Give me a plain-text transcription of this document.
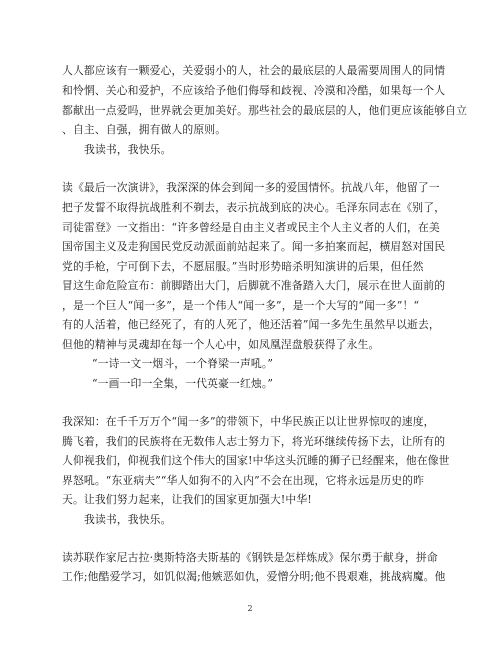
人人都应该有一颗爱心，关爱弱小的人，社会的最底层的人最需要周围人的同情
和怜惘、关心和爱护，不应该给予他们侮辱和歧视、冷漠和冷酷，如果每一个人
都献出一点爱吗，世界就会更加美好。那些社会的最底层的人，他们更应该能够自立
、自主、自强，拥有做人的原则。
我读书，我快乐。
读《最后一次演讲》，我深深的体会到闻一多的爱国情怀。抗战八年，他留了一
把子发誓不取得抗战胜利不剃去，表示抗战到底的决心。毛泽东同志在《别了，
司徒雷登》一文指出：“许多曾经是自由主义者或民主个人主义者的人们，在美
国帝国主义及走狗国民党反动派面前站起来了。闻一多拍案而起，横眉怒对国民
党的手枪，宁可倒下去，不愿屈服。”当时形势暗杀明知演讲的后果，但任然
冒这生命危险宣布：前脚踏出大门，后脚就不准备踏入大门，展示在世人面前的
，是一个巨人“闻一多”，是一个伟人“闻一多”，是一个大写的“闻一多”！“
有的人活着，他已经死了，有的人死了，他还活着”闻一多先生虽然早以逝去，
但他的精神与灵魂却在每一个人心中，如凤凰涅盘般获得了永生。
“一诗一文一烟斗，一个脊梁一声吼。”
“一画一印一全集，一代英豪一红烛。”
我深知：在千千万万个“闻一多”的带领下，中华民族正以让世界惊叹的速度，
腾飞着，我们的民族将在无数伟人志士努力下，将光环继续传扬下去，让所有的
人仰视我们，仰视我们这个伟大的国家!中华这头沉睡的狮子已经醒来，他在像世
界怒吼。“东亚病夫”“华人如狗不的入内”不会在出现，它将永远是历史的昨
天。让我们努力起来，让我们的国家更加强大!中华!
我读书，我快乐。
读苏联作家尼古拉·奥斯特洛夫斯基的《钢铁是怎样炼成》保尔勇于献身，拼命
工作;他酷爱学习，如饥似渴;他嫉恶如仇，爱憎分明;他不畏艰难，挑战病魔。他
2
